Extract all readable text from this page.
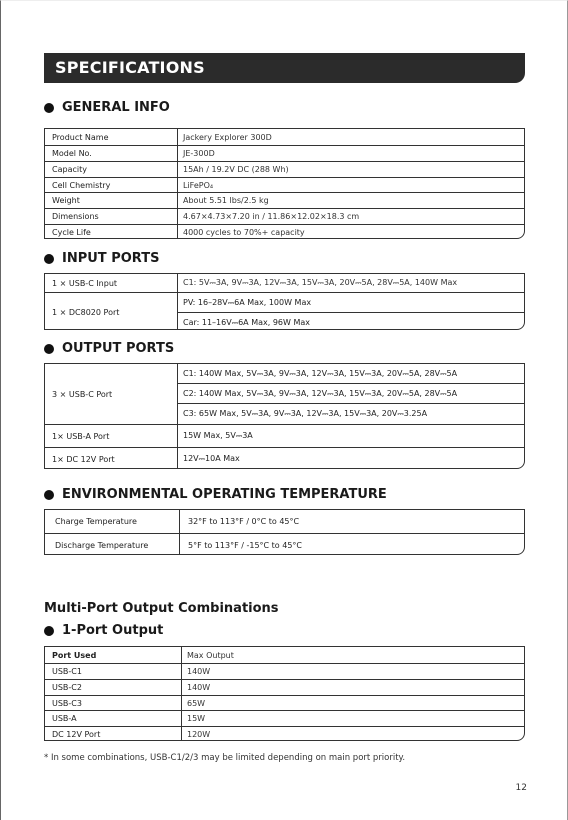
SPECIFICATIONS
GENERAL INFO
Product Name	Jackery Explorer 300D
Model No.	JE-300D
Capacity	15Ah / 19.2V DC (288 Wh)
Cell Chemistry	LiFePO₄
Weight	About 5.51 lbs/2.5 kg
Dimensions	4.67×4.73×7.20 in / 11.86×12.02×18.3 cm
Cycle Life	4000 cycles to 70%+ capacity
INPUT PORTS
1 × USB-C Input	C1: 5V⎓3A, 9V⎓3A, 12V⎓3A, 15V⎓3A, 20V⎓5A, 28V⎓5A, 140W Max
1 × DC8020 Port
PV: 16–28V⎓6A Max, 100W Max
Car: 11–16V⎓6A Max, 96W Max
OUTPUT PORTS
3 × USB-C Port
C1: 140W Max, 5V⎓3A, 9V⎓3A, 12V⎓3A, 15V⎓3A, 20V⎓5A, 28V⎓5A
C2: 140W Max, 5V⎓3A, 9V⎓3A, 12V⎓3A, 15V⎓3A, 20V⎓5A, 28V⎓5A
C3: 65W Max, 5V⎓3A, 9V⎓3A, 12V⎓3A, 15V⎓3A, 20V⎓3.25A
1× USB-A Port	15W Max, 5V⎓3A
1× DC 12V Port	12V⎓10A Max
ENVIRONMENTAL OPERATING TEMPERATURE
Charge Temperature	32°F to 113°F / 0°C to 45°C
Discharge Temperature	5°F to 113°F / -15°C to 45°C
Multi-Port Output Combinations
1-Port Output
Port Used	Max Output
USB-C1	140W
USB-C2	140W
USB-C3	65W
USB-A	15W
DC 12V Port	120W
* In some combinations, USB-C1/2/3 may be limited depending on main port priority.
12
